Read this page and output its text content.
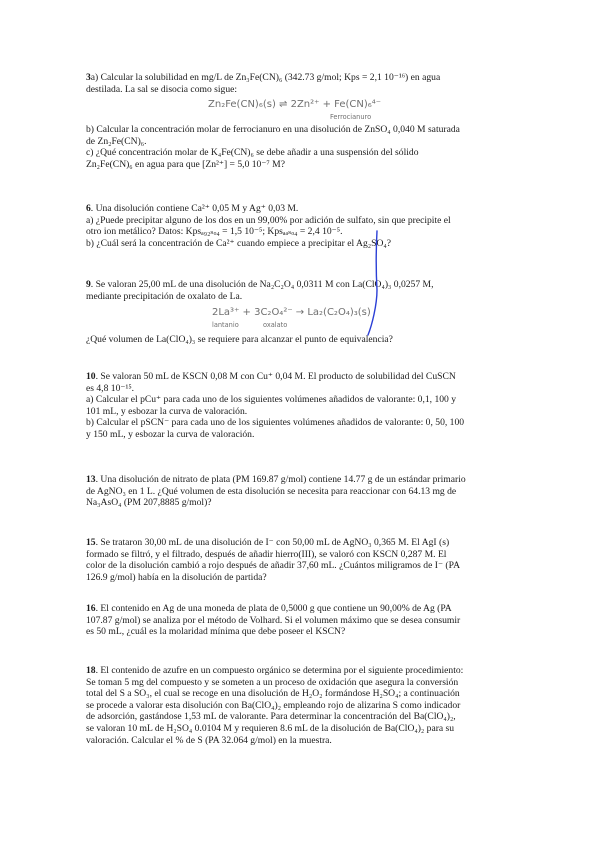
3a) Calcular la solubilidad en mg/L de Zn₃Fe(CN)₆ (342.73 g/mol; Kps = 2,1 10⁻¹⁶) en agua
destilada. La sal se disocia como sigue:
Zn₂Fe(CN)₆(s) ⇌ 2Zn²⁺ + Fe(CN)₆⁴⁻
Ferrocianuro
b) Calcular la concentración molar de ferrocianuro en una disolución de ZnSO₄ 0,040 M saturada
de Zn₂Fe(CN)₆.
c) ¿Qué concentración molar de K₄Fe(CN)₆ se debe añadir a una suspensión del sólido
Zn₂Fe(CN)₆ en agua para que [Zn²⁺] = 5,0 10⁻⁷ M?
6. Una disolución contiene Ca²⁺ 0,05 M y Ag⁺ 0,03 M.
a) ¿Puede precipitar alguno de los dos en un 99,00% por adición de sulfato, sin que precipite el
otro ion metálico? Datos: Kpsₐ₉₂ₛₒ₄ = 1,5 10⁻⁵; Kpsₐₐₛₒ₄ = 2,4 10⁻⁵.
b) ¿Cuál será la concentración de Ca²⁺ cuando empiece a precipitar el Ag₂SO₄?
9. Se valoran 25,00 mL de una disolución de Na₂C₂O₄ 0,0311 M con La(ClO₄)₃ 0,0257 M,
mediante precipitación de oxalato de La.
2La³⁺ + 3C₂O₄²⁻ → La₂(C₂O₄)₃(s)
lantanio	oxalato
¿Qué volumen de La(ClO₄)₃ se requiere para alcanzar el punto de equivalencia?
10. Se valoran 50 mL de KSCN 0,08 M con Cu⁺ 0,04 M. El producto de solubilidad del CuSCN
es 4,8 10⁻¹⁵.
a) Calcular el pCu⁺ para cada uno de los siguientes volúmenes añadidos de valorante: 0,1, 100 y
101 mL, y esbozar la curva de valoración.
b) Calcular el pSCN⁻ para cada uno de los siguientes volúmenes añadidos de valorante: 0, 50, 100
y 150 mL, y esbozar la curva de valoración.
13. Una disolución de nitrato de plata (PM 169.87 g/mol) contiene 14.77 g de un estándar primario
de AgNO₃ en 1 L. ¿Qué volumen de esta disolución se necesita para reaccionar con 64.13 mg de
Na₃AsO₄ (PM 207,8885 g/mol)?
15. Se trataron 30,00 mL de una disolución de I⁻ con 50,00 mL de AgNO₃ 0,365 M. El AgI (s)
formado se filtró, y el filtrado, después de añadir hierro(III), se valoró con KSCN 0,287 M. El
color de la disolución cambió a rojo después de añadir 37,60 mL. ¿Cuántos miligramos de I⁻ (PA
126.9 g/mol) había en la disolución de partida?
16. El contenido en Ag de una moneda de plata de 0,5000 g que contiene un 90,00% de Ag (PA
107.87 g/mol) se analiza por el método de Volhard. Si el volumen máximo que se desea consumir
es 50 mL, ¿cuál es la molaridad mínima que debe poseer el KSCN?
18. El contenido de azufre en un compuesto orgánico se determina por el siguiente procedimiento:
Se toman 5 mg del compuesto y se someten a un proceso de oxidación que asegura la conversión
total del S a SO₃, el cual se recoge en una disolución de H₂O₂ formándose H₂SO₄; a continuación
se procede a valorar esta disolución con Ba(ClO₄)₂ empleando rojo de alizarina S como indicador
de adsorción, gastándose 1,53 mL de valorante. Para determinar la concentración del Ba(ClO₄)₂,
se valoran 10 mL de H₂SO₄ 0.0104 M y requieren 8.6 mL de la disolución de Ba(ClO₄)₂ para su
valoración. Calcular el % de S (PA 32.064 g/mol) en la muestra.
